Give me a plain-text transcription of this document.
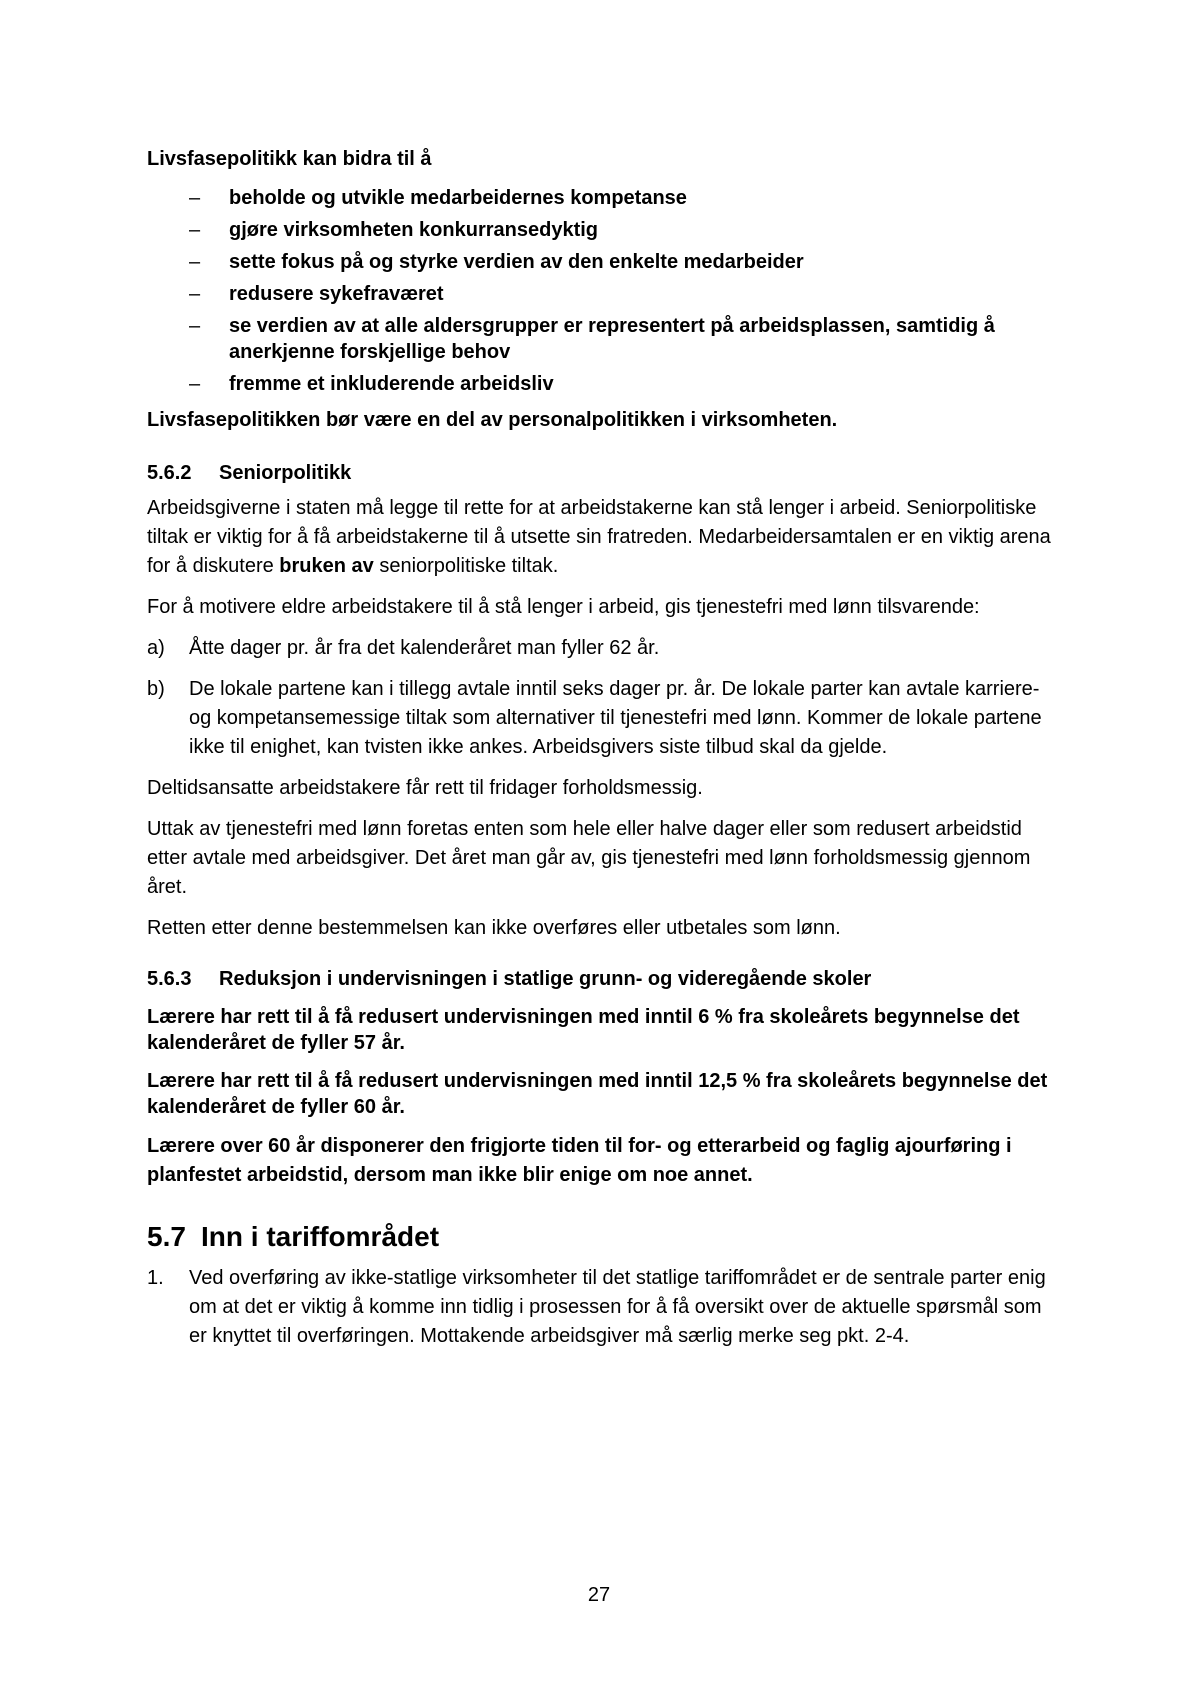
Livsfasepolitikk kan bidra til å

– beholde og utvikle medarbeidernes kompetanse
– gjøre virksomheten konkurransedyktig
– sette fokus på og styrke verdien av den enkelte medarbeider
– redusere sykefraværet
– se verdien av at alle aldersgrupper er representert på arbeidsplassen, samtidig å anerkjenne forskjellige behov
– fremme et inkluderende arbeidsliv

Livsfasepolitikken bør være en del av personalpolitikken i virksomheten.

5.6.2 Seniorpolitikk

Arbeidsgiverne i staten må legge til rette for at arbeidstakerne kan stå lenger i arbeid. Seniorpolitiske tiltak er viktig for å få arbeidstakerne til å utsette sin fratreden. Medarbeidersamtalen er en viktig arena for å diskutere bruken av seniorpolitiske tiltak.

For å motivere eldre arbeidstakere til å stå lenger i arbeid, gis tjenestefri med lønn tilsvarende:

a) Åtte dager pr. år fra det kalenderåret man fyller 62 år.
b) De lokale partene kan i tillegg avtale inntil seks dager pr. år. De lokale parter kan avtale karriere- og kompetansemessige tiltak som alternativer til tjenestefri med lønn. Kommer de lokale partene ikke til enighet, kan tvisten ikke ankes. Arbeidsgivers siste tilbud skal da gjelde.

Deltidsansatte arbeidstakere får rett til fridager forholdsmessig.

Uttak av tjenestefri med lønn foretas enten som hele eller halve dager eller som redusert arbeidstid etter avtale med arbeidsgiver. Det året man går av, gis tjenestefri med lønn forholdsmessig gjennom året.

Retten etter denne bestemmelsen kan ikke overføres eller utbetales som lønn.

5.6.3 Reduksjon i undervisningen i statlige grunn- og videregående skoler

Lærere har rett til å få redusert undervisningen med inntil 6 % fra skoleårets begynnelse det kalenderåret de fyller 57 år.

Lærere har rett til å få redusert undervisningen med inntil 12,5 % fra skoleårets begynnelse det kalenderåret de fyller 60 år.

Lærere over 60 år disponerer den frigjorte tiden til for- og etterarbeid og faglig ajourføring i planfestet arbeidstid, dersom man ikke blir enige om noe annet.

5.7 Inn i tariffområdet
1. Ved overføring av ikke-statlige virksomheter til det statlige tariffområdet er de sentrale parter enig om at det er viktig å komme inn tidlig i prosessen for å få oversikt over de aktuelle spørsmål som er knyttet til overføringen. Mottakende arbeidsgiver må særlig merke seg pkt. 2-4.
27
